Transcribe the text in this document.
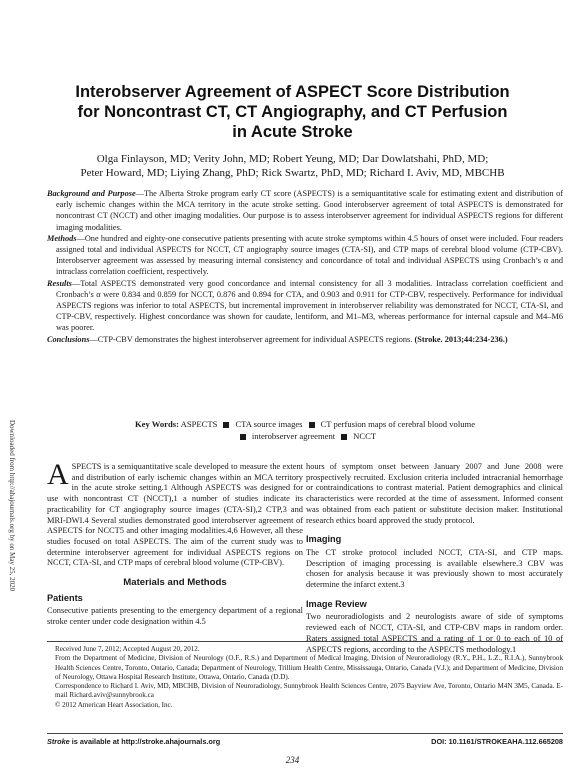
Interobserver Agreement of ASPECT Score Distribution
for Noncontrast CT, CT Angiography, and CT Perfusion
in Acute Stroke
Olga Finlayson, MD; Verity John, MD; Robert Yeung, MD; Dar Dowlatshahi, PhD, MD;
Peter Howard, MD; Liying Zhang, PhD; Rick Swartz, PhD, MD; Richard I. Aviv, MD, MBCHB

Background and Purpose—The Alberta Stroke program early CT score (ASPECTS) is a semiquantitative scale for estimating extent and distribution of early ischemic changes within the MCA territory in the acute stroke setting. Good interobserver agreement of total ASPECTS is demonstrated for noncontrast CT (NCCT) and other imaging modalities. Our purpose is to assess interobserver agreement for individual ASPECTS regions for different imaging modalities.

Methods—One hundred and eighty-one consecutive patients presenting with acute stroke symptoms within 4.5 hours of onset were included. Four readers assigned total and individual ASPECTS for NCCT, CT angiography source images (CTA-SI), and CTP maps of cerebral blood volume (CTP-CBV). Interobserver agreement was assessed by measuring internal consistency and concordance of total and individual ASPECTS using Cronbach’s α and intraclass correlation coefficient, respectively.

Results—Total ASPECTS demonstrated very good concordance and internal consistency for all 3 modalities. Intraclass correlation coefficient and Cronbach’s α were 0.834 and 0.859 for NCCT, 0.876 and 0.894 for CTA, and 0.903 and 0.911 for CTP-CBV, respectively. Performance for individual ASPECTS regions was inferior to total ASPECTS, but incremental improvement in interobserver reliability was demonstrated for NCCT, CTA-SI, and CTP-CBV, respectively. Highest concordance was shown for caudate, lentiform, and M1–M3, whereas performance for internal capsule and M4–M6 was poorer.

Conclusions—CTP-CBV demonstrates the highest interobserver agreement for individual ASPECTS regions. (Stroke. 2013;44:234-236.)

Key Words: ASPECTS CTA source images CT perfusion maps of cerebral blood volume
interobserver agreement NCCT
Downloaded from http://ahajournals.org by on May 25, 2020 ASPECTS is a semiquantitative scale developed to measure the extent and distribution of early ischemic changes within an MCA territory in the acute stroke setting.1 Although ASPECTS was designed for use with noncontrast CT (NCCT),1 a number of studies indicate its practicability for CT angiography source images (CTA-SI),2 CTP,3 and MRI-DWI.4 Several studies demonstrated good interobserver agreement of ASPECTS for NCCT5 and other imaging modalities.4,6 However, all these studies focused on total ASPECTS. The aim of the current study was to determine interobserver agreement for individual ASPECTS regions on NCCT, CTA-SI, and CTP maps of cerebral blood volume (CTP-CBV).

Materials and Methods
Patients

Consecutive patients presenting to the emergency department of a regional stroke center under code designation within 4.5

hours of symptom onset between January 2007 and June 2008 were prospectively recruited. Exclusion criteria included intracranial hemorrhage or contraindications to contrast material. Patient demographics and clinical characteristics were recorded at the time of assessment. Informed consent was obtained from each patient or substitute decision maker. Institutional research ethics board approved the study protocol.

Imaging

The CT stroke protocol included NCCT, CTA-SI, and CTP maps. Description of imaging processing is available elsewhere.3 CBV was chosen for analysis because it was previously shown to most accurately determine the infarct extent.3

Image Review

Two neuroradiologists and 2 neurologists aware of side of symptoms reviewed each of NCCT, CTA-SI, and CTP-CBV maps in random order. Raters assigned total ASPECTS and a rating of 1 or 0 to each of 10 of ASPECTS regions, according to the ASPECTS methodology.1

Received June 7, 2012; Accepted August 20, 2012.

From the Department of Medicine, Division of Neurology (O.F., R.S.) and Department of Medical Imaging, Division of Neuroradiology (R.Y., P.H., L.Z., R.I.A.), Sunnybrook Health Sciences Centre, Toronto, Ontario, Canada; Department of Neurology, Trillium Health Centre, Mississauga, Ontario, Canada (V.J.); and Department of Medicine, Division of Neurology, Ottawa Hospital Research Institute, Ottawa, Ontario, Canada (D.D).

Correspondence to Richard I. Aviv, MD, MBCHB, Division of Neuroradiology, Sunnybrook Health Sciences Centre, 2075 Bayview Ave, Toronto, Ontario M4N 3M5, Canada. E-mail Richard.aviv@sunnybrook.ca

© 2012 American Heart Association, Inc.

Stroke is available at http://stroke.ahajournals.org	DOI: 10.1161/STROKEAHA.112.665208
234
